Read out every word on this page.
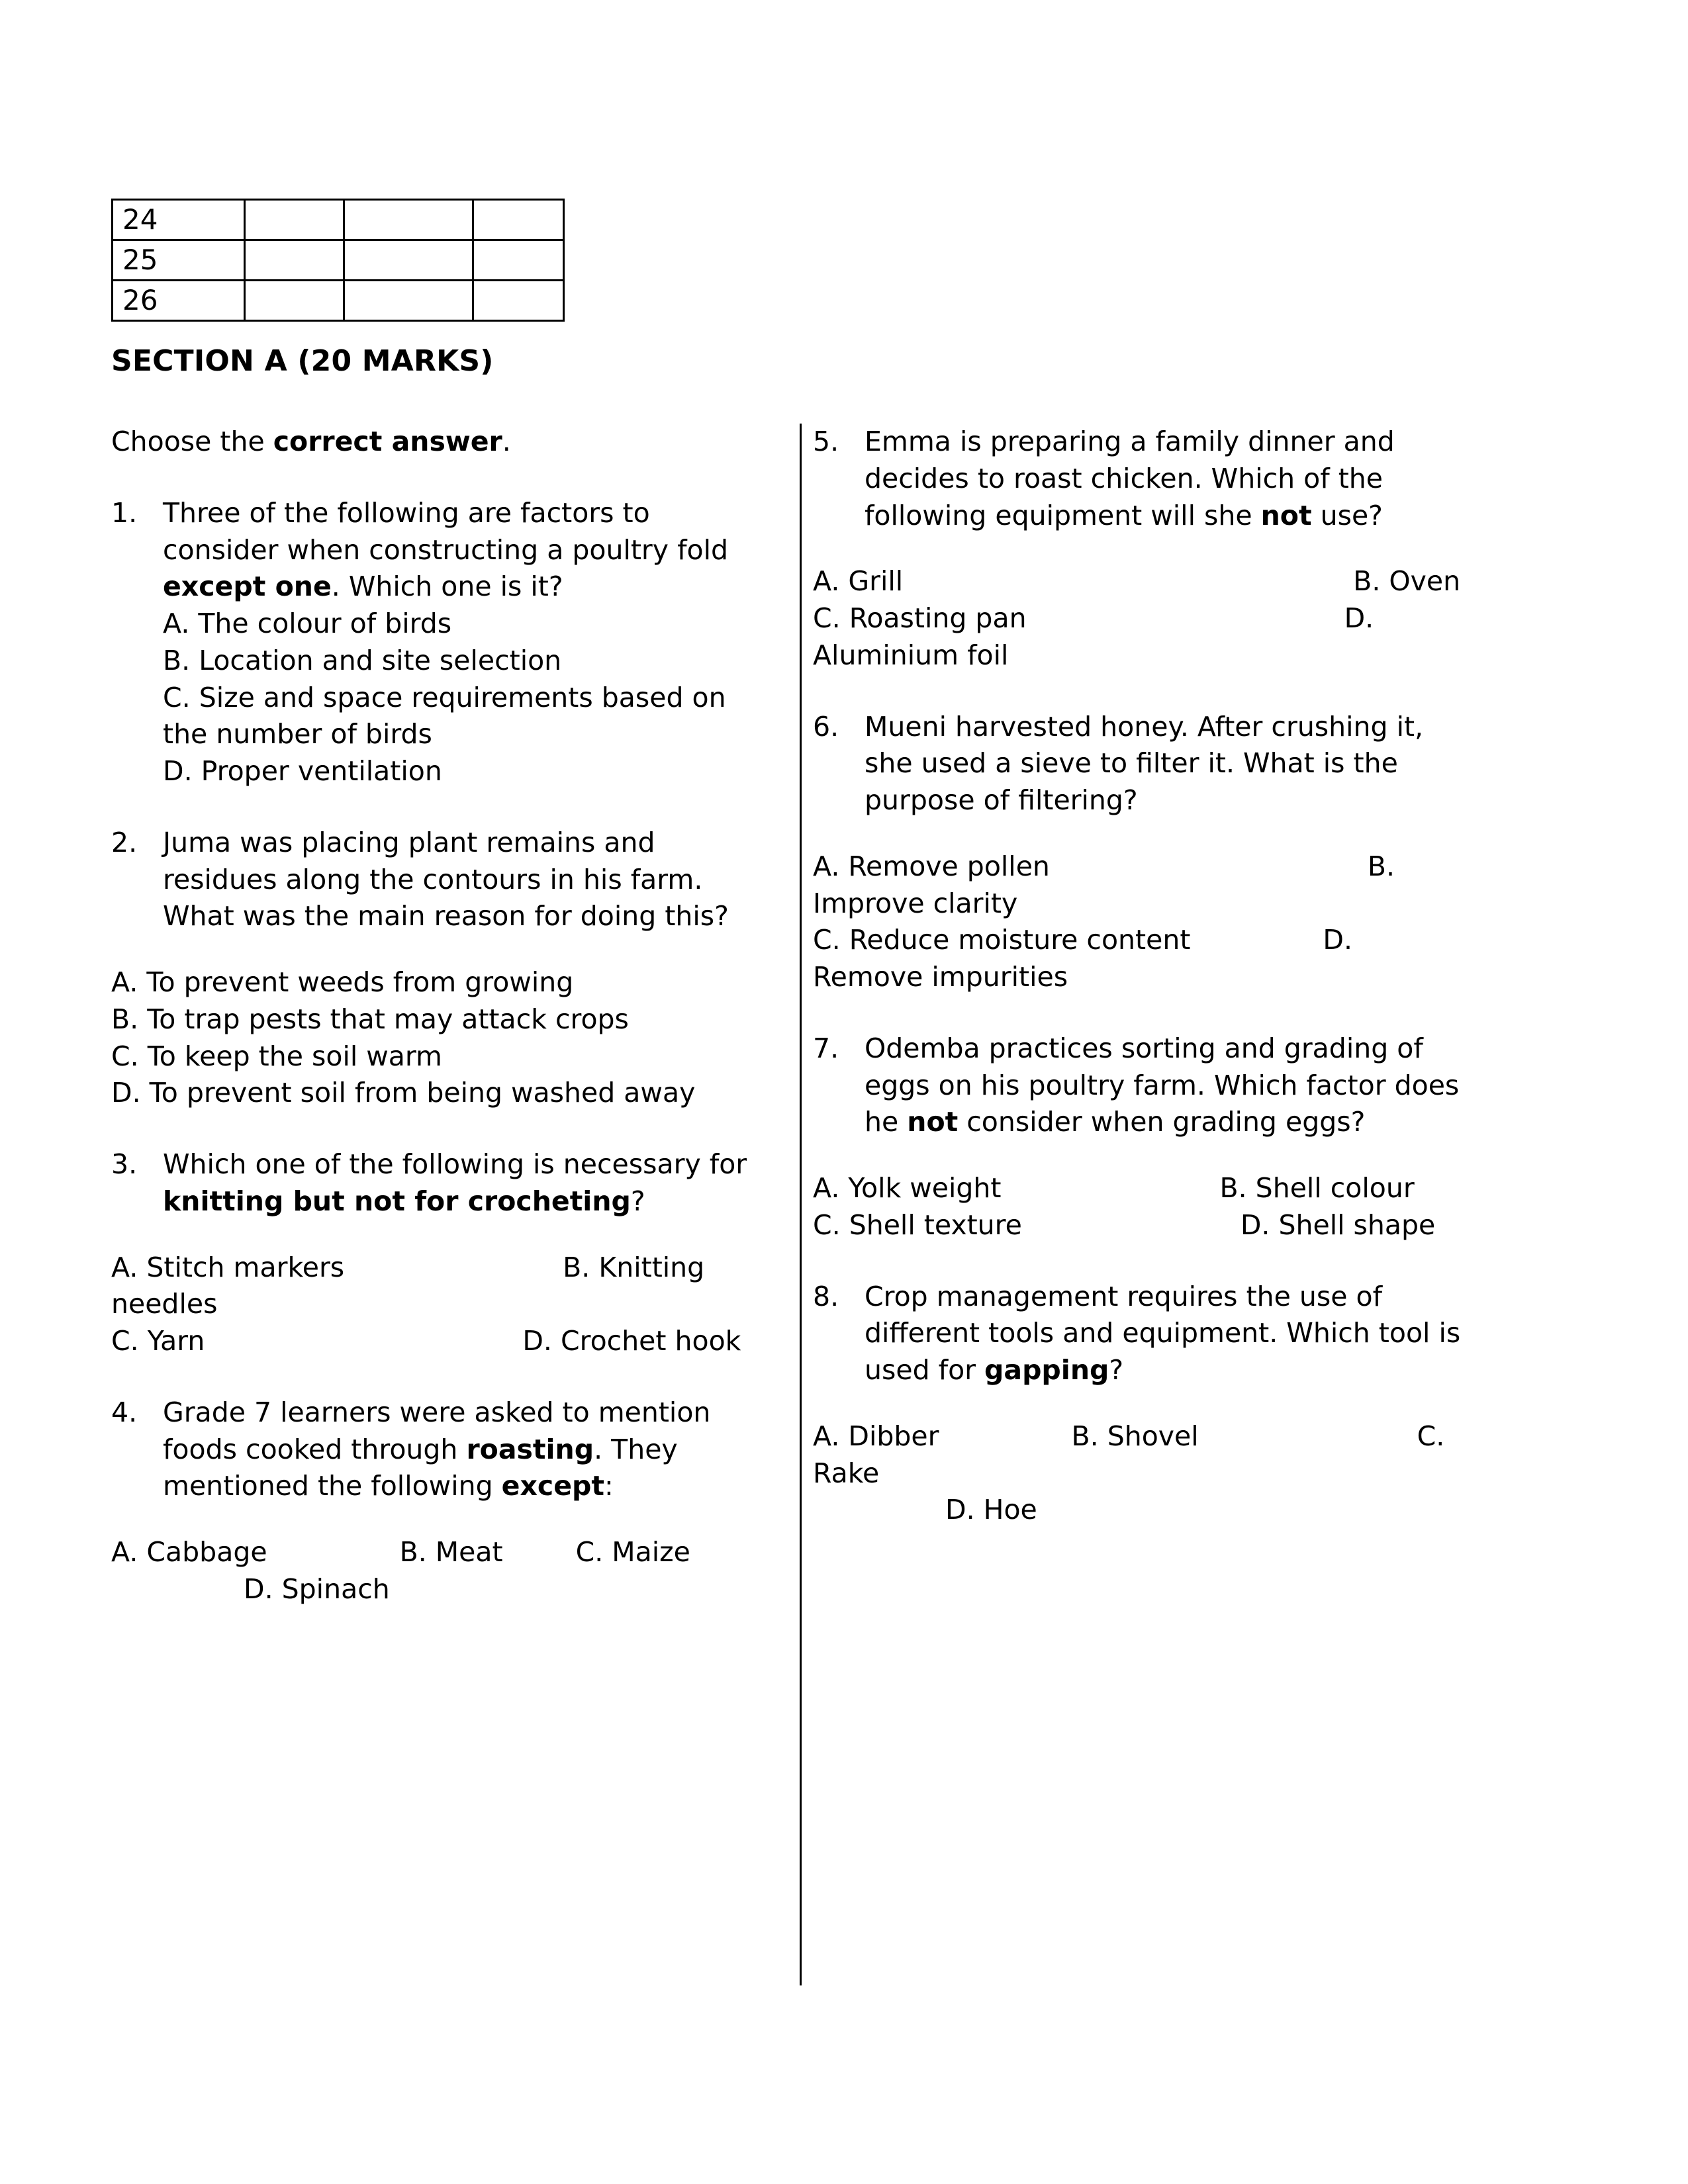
24			
25			
26			
SECTION A (20 MARKS)

Choose the correct answer.

1. Three of the following are factors to consider when constructing a poultry fold except one. Which one is it?
A. The colour of birds
B. Location and site selection
C. Size and space requirements based on the number of birds
D. Proper ventilation
2. Juma was placing plant remains and residues along the contours in his farm. What was the main reason for doing this?
A. To prevent weeds from growing
B. To trap pests that may attack crops
C. To keep the soil warm
D. To prevent soil from being washed away
3. Which one of the following is necessary for knitting but not for crocheting?
A. Stitch markers	B. Knitting needles
C. Yarn	D. Crochet hook
4. Grade 7 learners were asked to mention foods cooked through roasting. They mentioned the following except:
A. Cabbage	B. Meat	C. Maize
D. Spinach
5. Emma is preparing a family dinner and decides to roast chicken. Which of the following equipment will she not use?
A. Grill	B. Oven
C. Roasting pan	D. Aluminium foil
6. Mueni harvested honey. After crushing it, she used a sieve to filter it. What is the purpose of filtering?
A. Remove pollen	B. Improve clarity
C. Reduce moisture content	D. Remove impurities
7. Odemba practices sorting and grading of eggs on his poultry farm. Which factor does he not consider when grading eggs?
A. Yolk weight	B. Shell colour
C. Shell texture	D. Shell shape
8. Crop management requires the use of different tools and equipment. Which tool is used for gapping?
A. Dibber	B. Shovel	C. Rake
D. Hoe
